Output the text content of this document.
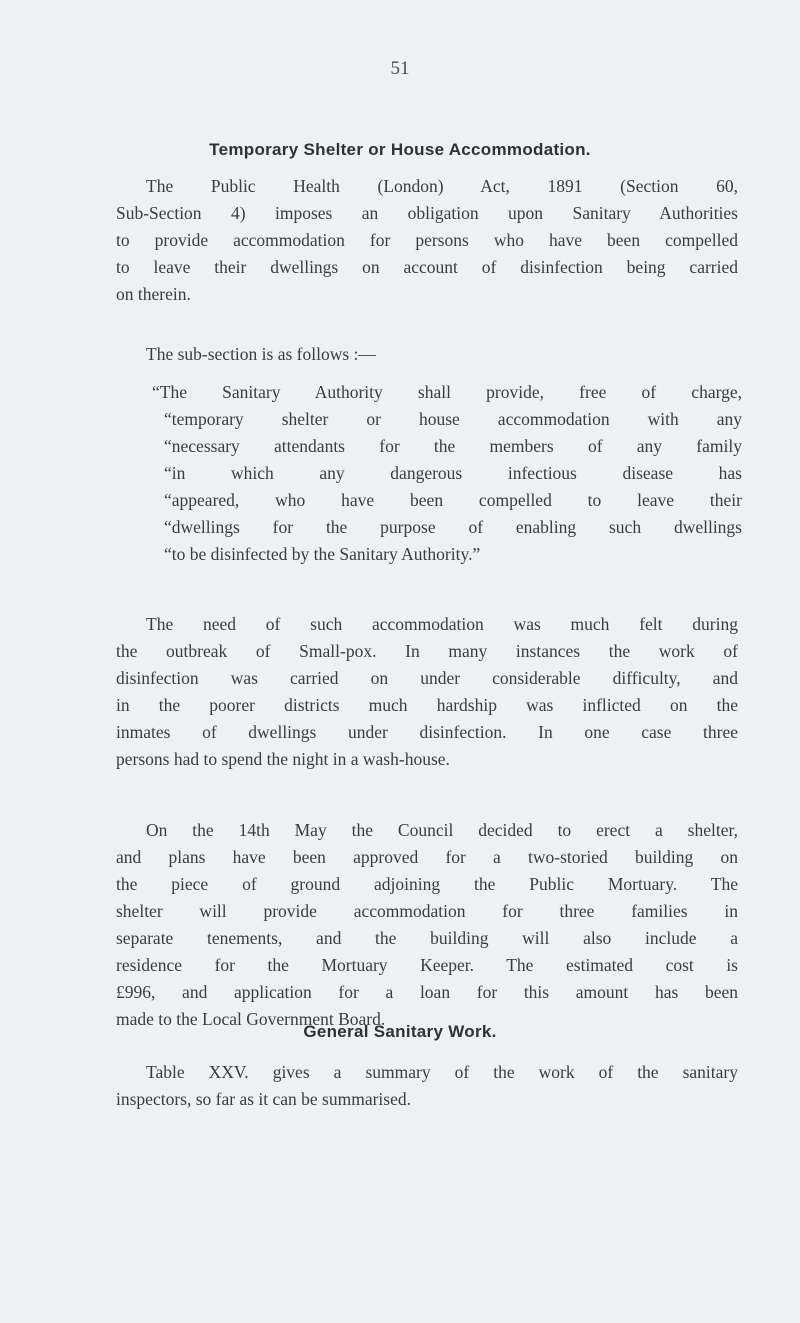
51
Temporary Shelter or House Accommodation.
The Public Health (London) Act, 1891 (Section 60,
Sub-Section 4) imposes an obligation upon Sanitary Authorities
to provide accommodation for persons who have been compelled
to leave their dwellings on account of disinfection being carried
on therein.
The sub-section is as follows :—
“The Sanitary Authority shall provide, free of charge,
“temporary shelter or house accommodation with any
“necessary attendants for the members of any family
“in which any dangerous infectious disease has
“appeared, who have been compelled to leave their
“dwellings for the purpose of enabling such dwellings
“to be disinfected by the Sanitary Authority.”
The need of such accommodation was much felt during
the outbreak of Small-pox. In many instances the work of
disinfection was carried on under considerable difficulty, and
in the poorer districts much hardship was inflicted on the
inmates of dwellings under disinfection. In one case three
persons had to spend the night in a wash-house.
On the 14th May the Council decided to erect a shelter,
and plans have been approved for a two-storied building on
the piece of ground adjoining the Public Mortuary. The
shelter will provide accommodation for three families in
separate tenements, and the building will also include a
residence for the Mortuary Keeper. The estimated cost is
£996, and application for a loan for this amount has been
made to the Local Government Board.
General Sanitary Work.
Table XXV. gives a summary of the work of the sanitary
inspectors, so far as it can be summarised.
